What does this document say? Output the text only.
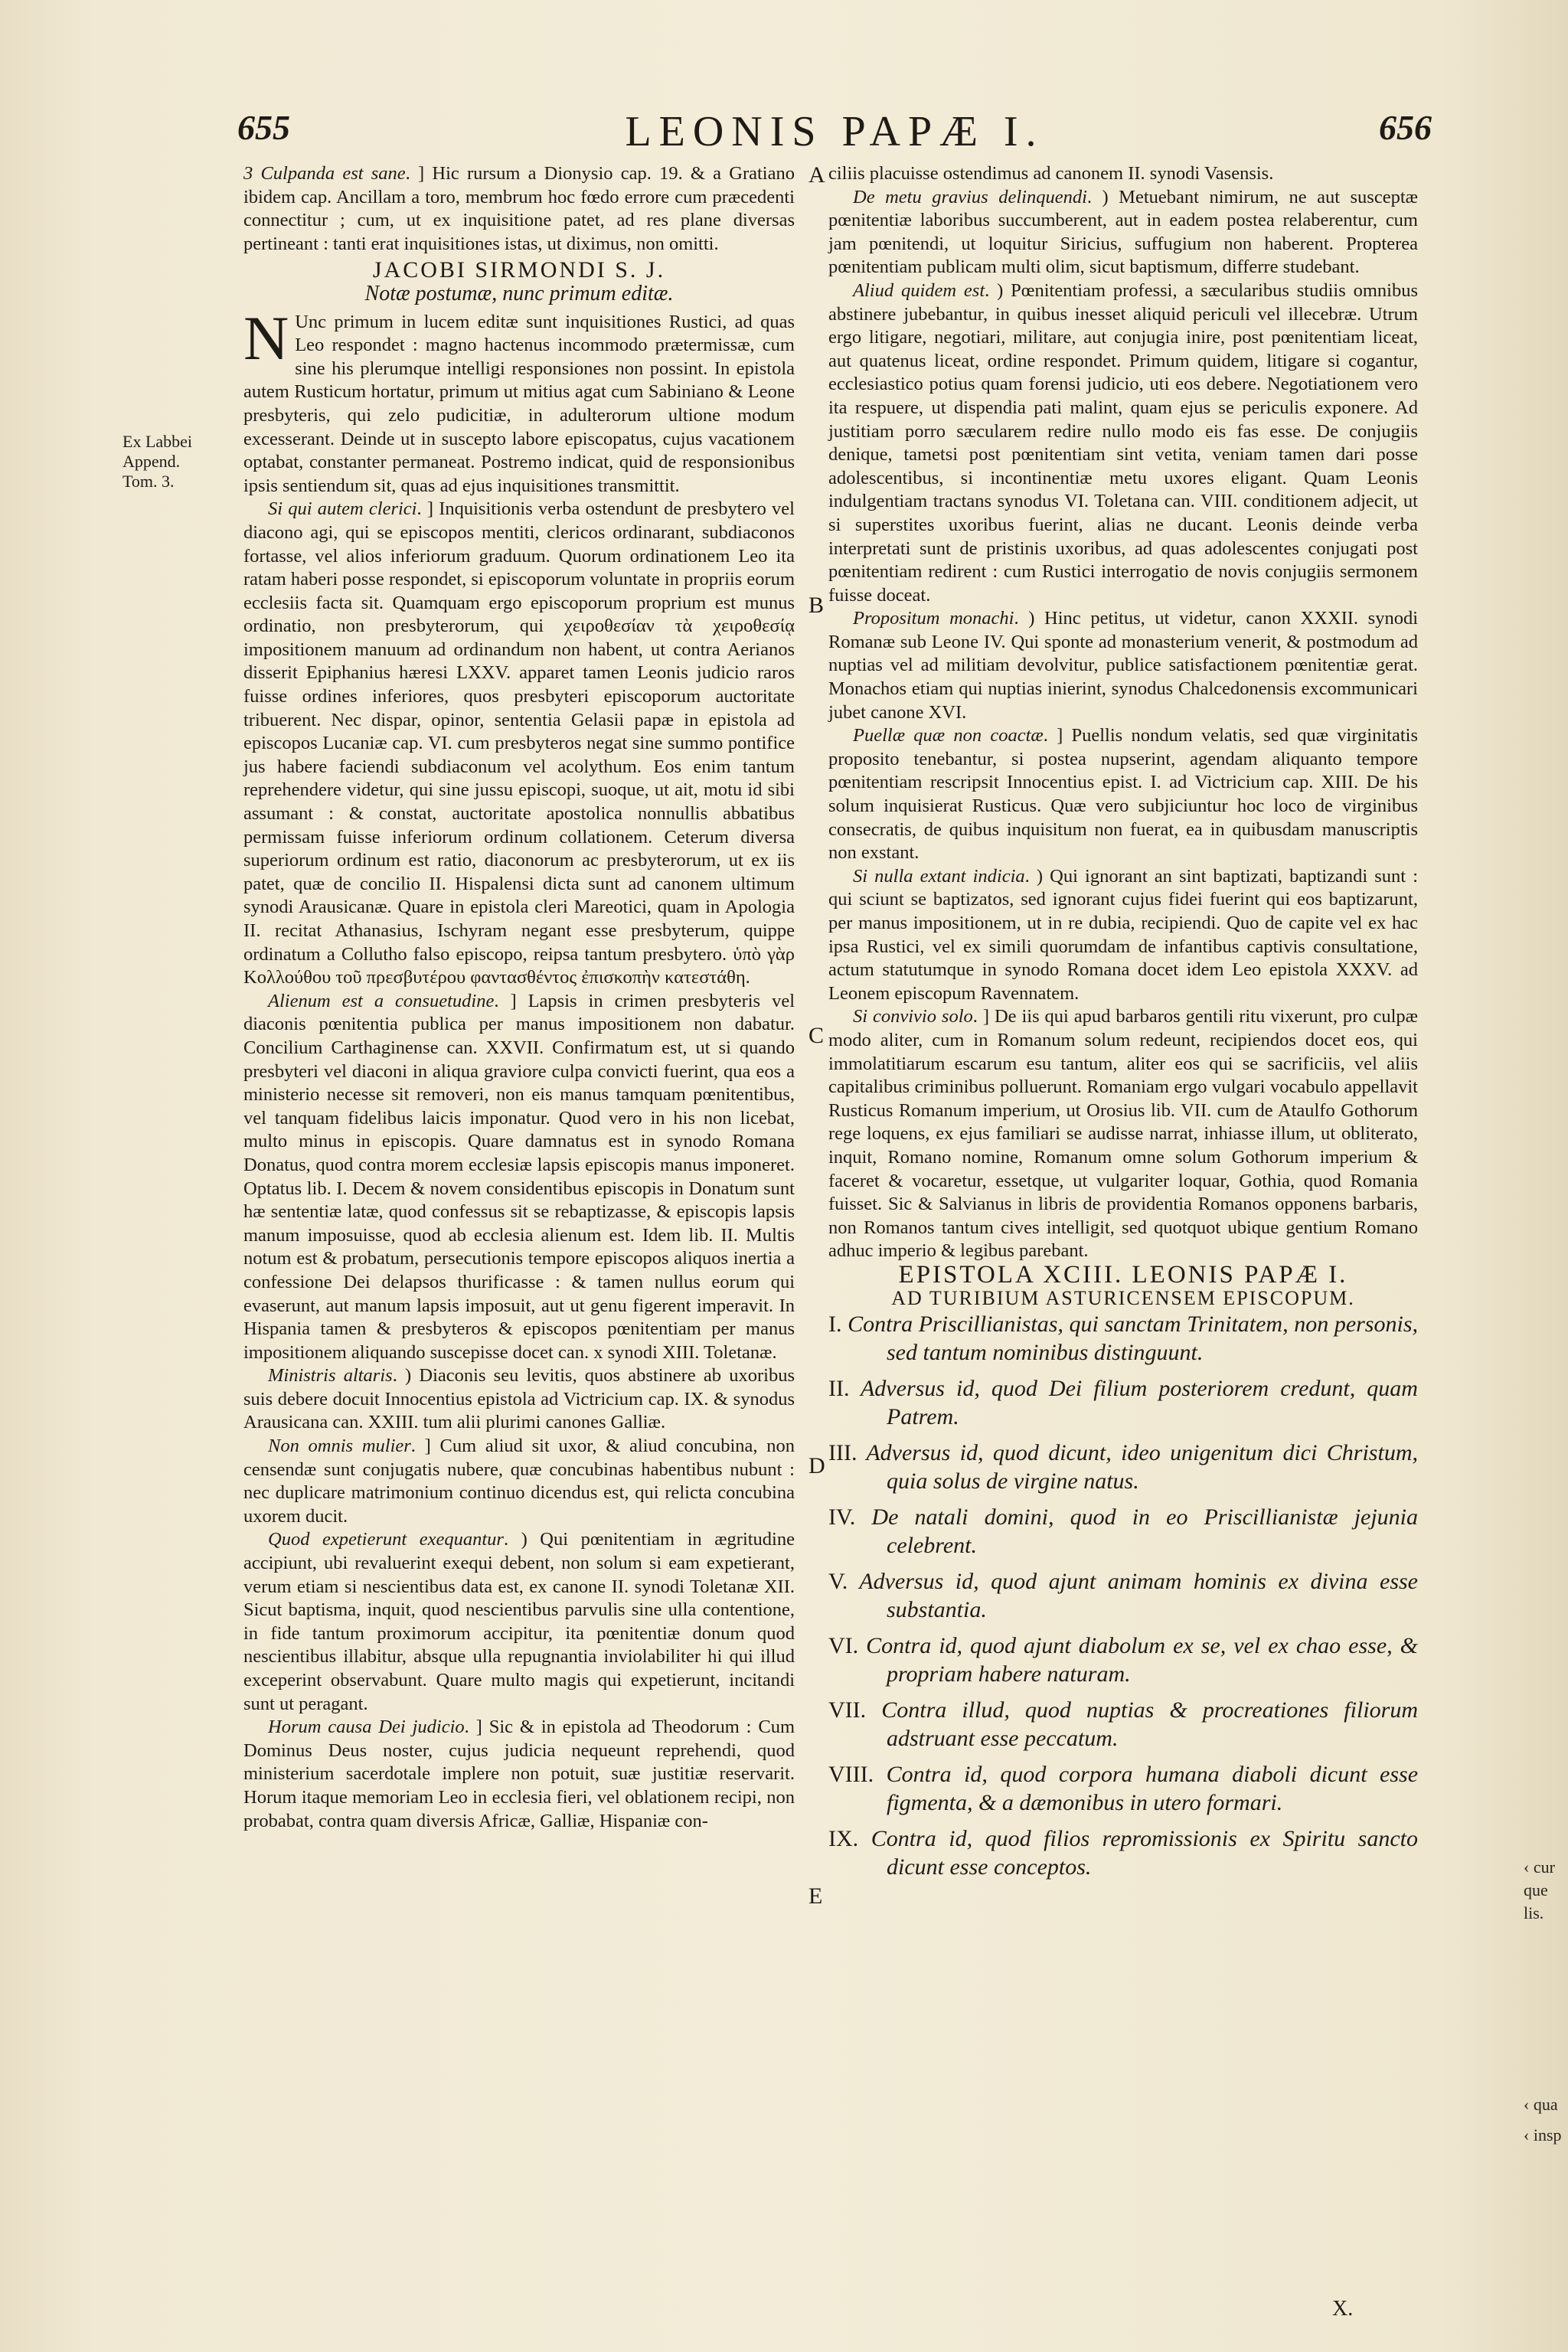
655	LEONIS PAPÆ I.	656
Ex Labbei Append. Tom. 3.
A
B
C
D
E

3 Culpanda est sane. ] Hic rursum a Dionysio cap. 19. & a Gratiano ibidem cap. Ancillam a toro, membrum hoc fœdo errore cum præcedenti connectitur ; cum, ut ex inquisitione patet, ad res plane diversas pertineant : tanti erat inquisitiones istas, ut diximus, non omitti.

JACOBI SIRMONDI S. J.
Notæ postumæ, nunc primum editæ.

N Unc primum in lucem editæ sunt inquisitiones Rustici, ad quas Leo respondet : magno hactenus incommodo prætermissæ, cum sine his plerumque intelligi responsiones non possint. In epistola autem Rusticum hortatur, primum ut mitius agat cum Sabiniano & Leone presbyteris, qui zelo pudicitiæ, in adulterorum ultione modum excesserant. Deinde ut in suscepto labore episcopatus, cujus vacationem optabat, constanter permaneat. Postremo indicat, quid de responsionibus ipsis sentiendum sit, quas ad ejus inquisitiones transmittit.

Si qui autem clerici. ] Inquisitionis verba ostendunt de presbytero vel diacono agi, qui se episcopos mentiti, clericos ordinarant, subdiaconos fortasse, vel alios inferiorum graduum. Quorum ordinationem Leo ita ratam haberi posse respondet, si episcoporum voluntate in propriis eorum ecclesiis facta sit. Quamquam ergo episcoporum proprium est munus ordinatio, non presbyterorum, qui χειροθεσίαν τὰ χειροθεσίᾳ impositionem manuum ad ordinandum non habent, ut contra Aerianos disserit Epiphanius hæresi LXXV. apparet tamen Leonis judicio raros fuisse ordines inferiores, quos presbyteri episcoporum auctoritate tribuerent. Nec dispar, opinor, sententia Gelasii papæ in epistola ad episcopos Lucaniæ cap. VI. cum presbyteros negat sine summo pontifice jus habere faciendi subdiaconum vel acolythum. Eos enim tantum reprehendere videtur, qui sine jussu episcopi, suoque, ut ait, motu id sibi assumant : & constat, auctoritate apostolica nonnullis abbatibus permissam fuisse inferiorum ordinum collationem. Ceterum diversa superiorum ordinum est ratio, diaconorum ac presbyterorum, ut ex iis patet, quæ de concilio II. Hispalensi dicta sunt ad canonem ultimum synodi Arausicanæ. Quare in epistola cleri Mareotici, quam in Apologia II. recitat Athanasius, Ischyram negant esse presbyterum, quippe ordinatum a Collutho falso episcopo, reipsa tantum presbytero. ὑπὸ γὰρ Κολλούθου τοῦ πρεσβυτέρου φαντασθέντος ἐπισκοπὴν κατεστάθη.

Alienum est a consuetudine. ] Lapsis in crimen presbyteris vel diaconis pœnitentia publica per manus impositionem non dabatur. Concilium Carthaginense can. XXVII. Confirmatum est, ut si quando presbyteri vel diaconi in aliqua graviore culpa convicti fuerint, qua eos a ministerio necesse sit removeri, non eis manus tamquam pœnitentibus, vel tanquam fidelibus laicis imponatur. Quod vero in his non licebat, multo minus in episcopis. Quare damnatus est in synodo Romana Donatus, quod contra morem ecclesiæ lapsis episcopis manus imponeret. Optatus lib. I. Decem & novem considentibus episcopis in Donatum sunt hæ sententiæ latæ, quod confessus sit se rebaptizasse, & episcopis lapsis manum imposuisse, quod ab ecclesia alienum est. Idem lib. II. Multis notum est & probatum, persecutionis tempore episcopos aliquos inertia a confessione Dei delapsos thurificasse : & tamen nullus eorum qui evaserunt, aut manum lapsis imposuit, aut ut genu figerent imperavit. In Hispania tamen & presbyteros & episcopos pœnitentiam per manus impositionem aliquando suscepisse docet can. x synodi XIII. Toletanæ.

Ministris altaris. ) Diaconis seu levitis, quos abstinere ab uxoribus suis debere docuit Innocentius epistola ad Victricium cap. IX. & synodus Arausicana can. XXIII. tum alii plurimi canones Galliæ.

Non omnis mulier. ] Cum aliud sit uxor, & aliud concubina, non censendæ sunt conjugatis nubere, quæ concubinas habentibus nubunt : nec duplicare matrimonium continuo dicendus est, qui relicta concubina uxorem ducit.

Quod expetierunt exequantur. ) Qui pœnitentiam in ægritudine accipiunt, ubi revaluerint exequi debent, non solum si eam expetierant, verum etiam si nescientibus data est, ex canone II. synodi Toletanæ XII. Sicut baptisma, inquit, quod nescientibus parvulis sine ulla contentione, in fide tantum proximorum accipitur, ita pœnitentiæ donum quod nescientibus illabitur, absque ulla repugnantia inviolabiliter hi qui illud exceperint observabunt. Quare multo magis qui expetierunt, incitandi sunt ut peragant.

Horum causa Dei judicio. ] Sic & in epistola ad Theodorum : Cum Dominus Deus noster, cujus judicia nequeunt reprehendi, quod ministerium sacerdotale implere non potuit, suæ justitiæ reservarit. Horum itaque memoriam Leo in ecclesia fieri, vel oblationem recipi, non probabat, contra quam diversis Africæ, Galliæ, Hispaniæ con-

ciliis placuisse ostendimus ad canonem II. synodi Vasensis.

De metu gravius delinquendi. ) Metuebant nimirum, ne aut susceptæ pœnitentiæ laboribus succumberent, aut in eadem postea relaberentur, cum jam pœnitendi, ut loquitur Siricius, suffugium non haberent. Propterea pœnitentiam publicam multi olim, sicut baptismum, differre studebant.

Aliud quidem est. ) Pœnitentiam professi, a sæcularibus studiis omnibus abstinere jubebantur, in quibus inesset aliquid periculi vel illecebræ. Utrum ergo litigare, negotiari, militare, aut conjugia inire, post pœnitentiam liceat, aut quatenus liceat, ordine respondet. Primum quidem, litigare si cogantur, ecclesiastico potius quam forensi judicio, uti eos debere. Negotiationem vero ita respuere, ut dispendia pati malint, quam ejus se periculis exponere. Ad justitiam porro sæcularem redire nullo modo eis fas esse. De conjugiis denique, tametsi post pœnitentiam sint vetita, veniam tamen dari posse adolescentibus, si incontinentiæ metu uxores eligant. Quam Leonis indulgentiam tractans synodus VI. Toletana can. VIII. conditionem adjecit, ut si superstites uxoribus fuerint, alias ne ducant. Leonis deinde verba interpretati sunt de pristinis uxoribus, ad quas adolescentes conjugati post pœnitentiam redirent : cum Rustici interrogatio de novis conjugiis sermonem fuisse doceat.

Propositum monachi. ) Hinc petitus, ut videtur, canon XXXII. synodi Romanæ sub Leone IV. Qui sponte ad monasterium venerit, & postmodum ad nuptias vel ad militiam devolvitur, publice satisfactionem pœnitentiæ gerat. Monachos etiam qui nuptias inierint, synodus Chalcedonensis excommunicari jubet canone XVI.

Puellæ quæ non coactæ. ] Puellis nondum velatis, sed quæ virginitatis proposito tenebantur, si postea nupserint, agendam aliquanto tempore pœnitentiam rescripsit Innocentius epist. I. ad Victricium cap. XIII. De his solum inquisierat Rusticus. Quæ vero subjiciuntur hoc loco de virginibus consecratis, de quibus inquisitum non fuerat, ea in quibusdam manuscriptis non exstant.

Si nulla extant indicia. ) Qui ignorant an sint baptizati, baptizandi sunt : qui sciunt se baptizatos, sed ignorant cujus fidei fuerint qui eos baptizarunt, per manus impositionem, ut in re dubia, recipiendi. Quo de capite vel ex hac ipsa Rustici, vel ex simili quorumdam de infantibus captivis consultatione, actum statutumque in synodo Romana docet idem Leo epistola XXXV. ad Leonem episcopum Ravennatem.

Si convivio solo. ] De iis qui apud barbaros gentili ritu vixerunt, pro culpæ modo aliter, cum in Romanum solum redeunt, recipiendos docet eos, qui immolatitiarum escarum esu tantum, aliter eos qui se sacrificiis, vel aliis capitalibus criminibus polluerunt. Romaniam ergo vulgari vocabulo appellavit Rusticus Romanum imperium, ut Orosius lib. VII. cum de Ataulfo Gothorum rege loquens, ex ejus familiari se audisse narrat, inhiasse illum, ut obliterato, inquit, Romano nomine, Romanum omne solum Gothorum imperium & faceret & vocaretur, essetque, ut vulgariter loquar, Gothia, quod Romania fuisset. Sic & Salvianus in libris de providentia Romanos opponens barbaris, non Romanos tantum cives intelligit, sed quotquot ubique gentium Romano adhuc imperio & legibus parebant.

EPISTOLA XCIII. LEONIS PAPÆ I.

AD TURIBIUM ASTURICENSEM EPISCOPUM.

I. Contra Priscillianistas, qui sanctam Trinitatem, non personis, sed tantum nominibus distinguunt.
II. Adversus id, quod Dei filium posteriorem credunt, quam Patrem.
III. Adversus id, quod dicunt, ideo unigenitum dici Christum, quia solus de virgine natus.
IV. De natali domini, quod in eo Priscillianistæ jejunia celebrent.
V. Adversus id, quod ajunt animam hominis ex divina esse substantia.
VI. Contra id, quod ajunt diabolum ex se, vel ex chao esse, & propriam habere naturam.
VII. Contra illud, quod nuptias & procreationes filiorum adstruant esse peccatum.
VIII. Contra id, quod corpora humana diaboli dicunt esse figmenta, & a dæmonibus in utero formari.
IX. Contra id, quod filios repromissionis ex Spiritu sancto dicunt esse conceptos.
X.
‹ cur
que
lis.
‹ qua
‹ insp
